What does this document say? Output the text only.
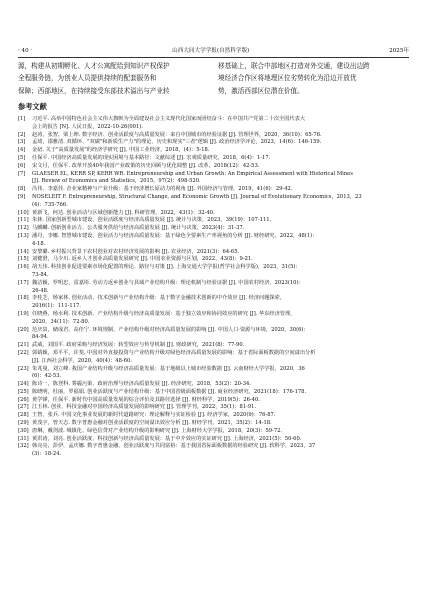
· 40 ·	山西大同大学学报(自然科学版)	2025年
源，构建从初期孵化、人才公寓配给到知识产权保护
全程服务链，为创业人员提供持续的配套服务和
保障；西部地区，在持续接受东部技术溢出与产业转
移基础上，联合中部地区打造对外交通，建设出边跨
境经济合作区将地理区位劣势转化为沿边开放优
势，激活西部区位潜在价值。
参考文献
[1]	习近平. 高举中国特色社会主义伟大旗帜为全面建设社会主义现代化国家而团结奋斗：在中国共产党第二十次全国代表大
会上的报告 [N]. 人民日报，2022-10-26(001).
[2]	赵涛，张智，梁上坤. 数字经济、创业活跃度与高质量发展：来自中国城市的经验证据 [J]. 管理世界，2020，36(10)：65-76.
[3]	孟琦，邵雅清. 双循环、"双碳"和新质生产力"的理论、历史和现实"三者"逻辑 [J]. 政治经济学评论，2023，14(6)：146-159.
[4]	金碚. 关于"高质量发展"的经济学研究 [J]. 中国工业经济，2018，(4)：5-18.
[5]	任保平. 中国经济高质量发展的现实困境与基本路径：文献综述 [J]. 宏观质量研究，2018，6(4)：1-17.
[6]	宋文月，任保平. 改革开放40年我国产业政策的历史回顾与优化调整 [J]. 改革，2018(12)：42-53.
[7]	GLAESER EL, KERR SP, KERR WR. Entrepreneurship and Urban Growth: An Empirical Assessment with Historical Mines
[J]. Review of Economics and Statistics，2015，97(2)：498-520.
[8]	冯伟，李嘉佳. 企业家精神与产业升级：基于经济增长原动力的视角 [J]. 外国经济与管理，2019，41(6)：29-42.
[9]	NOSELEIT F. Entrepreneurship, Structural Change, and Economic Growth [J]. Journal of Evolutionary Economics，2013，23
(4)：735-766.
[10] 黄新飞，何达. 创业活动与区域创新能力 [J]. 科研管理，2022，43(1)：32-40.
[11] 朱林. 国家创新型城市建设、创业活跃度与经济高质量发展 [J]. 统计与决策，2023，39(19)：107-111.
[12] 马麒麟. 创新创业活力、公共服务供给与经济高质量发展 [J]. 统计与决策，2023(4)：31-37.
[13] 潘丹，李娜. 智慧城市建设、创业活力与经济高质量发展：基于绿色全要素生产率视角的分析 [J]. 财经研究，2022，48(1)：
4-18.
[14] 安黎璐. 乡村振兴背景下农村创业对农村经济发展的影响 [J]. 农业经济，2021(3)：64-65.
[15] 刘健澄，马少川. 返乡人才创业高质量发展研究 [J]. 中国农业资源与区划，2022，43(8)：9-21.
[16] 胡天伟. 科技创业促进要素市场化配置的理论、路径与对策 [J]. 上海交通大学学报(哲学社会科学版)，2023，31(5)：
73-84.
[17] 魏洁颖，罗明忠，雷嘉彤. 劳动力返乡创业与县域产业结构升级：理论机制与经验证据 [J]. 中国农村经济，2023(10)：
26-48.
[18] 李桂芝，杨家林. 创业活动、技术创新与产业结构升级：基于数字金融技术创新的中介效应 [J]. 经济问题探索，
2016(1)：111-117.
[19] 任晓燕，杨水利. 技术创新、产业结构升级与经济高质量发展：基于独立效应和协同效应的研究 [J]. 华东经济管理，
2020，34(11)：72-80.
[20] 范庆泉，储成君，高佳宁. 环境规制、产业结构升级对经济高质量发展的影响 [J]. 中国人口·资源与环境，2020，30(6)：
84-94.
[21] 武威，刘国平. 政府采购与经济发展：转型效应与传导机制 [J]. 财政研究，2021(8)：77-90.
[22] 郭婧颖，邓平平，许斐. 中国对外直接投资与产业结构升级对绿色经济高质量发展的影响：基于省际面板数据的空间溢出分析
[J]. 江西社会科学，2020，40(4)：48-60.
[23] 朱兆曼，刘立峰. 我国产业结构升级与经济高质量发展：基于地级以上城市经验数据 [J]. 云南财经大学学报，2020，36
(6)：42-53.
[24] 陈诗一，陈登科. 雾霾污染、政府治理与经济高质量发展 [J]. 经济研究，2018，53(2)：20-34.
[25] 陈晓明，杜丽，罗福娟. 创业活跃度与产业结构升级：基于中国省级面板数据 [J]. 商业经济研究，2021(18)：176-178.
[26] 黄学锋，任保平. 新时代中国高质量发展的综合评价及其路径选择 [J]. 财经科学，2019(5)：26-40.
[27] 江玉林. 创业、科技金融对中国经济高质量发展的影响研究 [J]. 管理学刊，2022，35(1)：81-91.
[28] 王智，张兵. 中国文化事业发展的新时代道路研究：理论解释与实证检验 [J]. 经济学家，2020(9)：76-87.
[29] 黄茂宇，曾天志. 数字普惠金融对创业活跃度的空间溢出效应分析 [J]. 财经学刊，2021，35(2)：14-18.
[30] 唐琳，戴剑波. 城镇化、绿色信贷对产业结构升级的影响研究 [J]. 上海财经大学学报，2018，20(3)：59-72.
[31] 黄洪涛，刘亮. 创业活跃度、科技创新与经济高质量发展：基于中介效应的实证研究 [J]. 上海经济，2021(5)：50-60.
[32] 韩亮亮，彭伊，孟庆娜. 数字普惠金融、创业活跃度与共同富裕：基于我国省际面板数据的经验研究 [J]. 软科学，2023，37
(3)：18-24.
